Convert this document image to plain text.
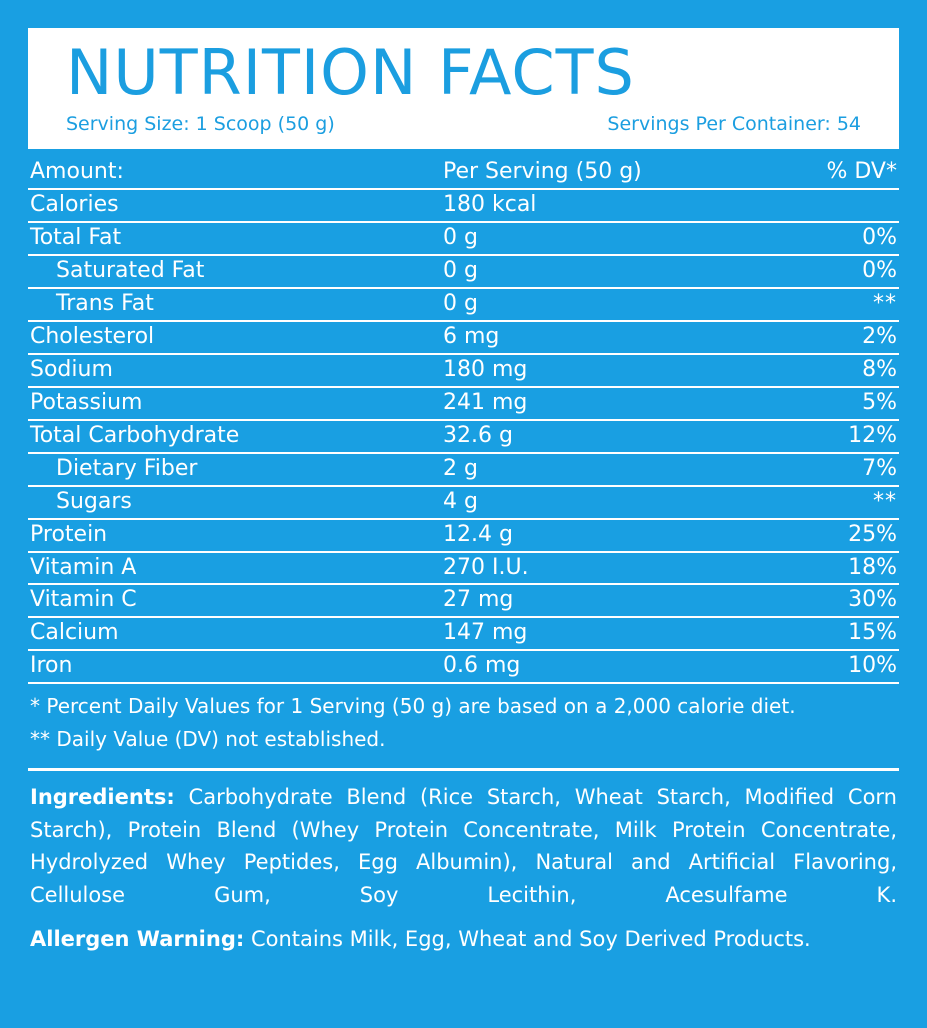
NUTRITION FACTS
Serving Size: 1 Scoop (50 g)	Servings Per Container: 54
Amount:	Per Serving (50 g)	% DV*
Calories	180 kcal
Total Fat	0 g	0%
Saturated Fat	0 g	0%
Trans Fat	0 g	**
Cholesterol	6 mg	2%
Sodium	180 mg	8%
Potassium	241 mg	5%
Total Carbohydrate	32.6 g	12%
Dietary Fiber	2 g	7%
Sugars	4 g	**
Protein	12.4 g	25%
Vitamin A	270 I.U.	18%
Vitamin C	27 mg	30%
Calcium	147 mg	15%
Iron	0.6 mg	10%
* Percent Daily Values for 1 Serving (50 g) are based on a 2,000 calorie diet.
** Daily Value (DV) not established.
Ingredients: Carbohydrate Blend (Rice Starch, Wheat Starch, Modified Corn Starch), Protein Blend (Whey Protein Concentrate, Milk Protein Concentrate, Hydrolyzed Whey Peptides, Egg Albumin), Natural and Artificial Flavoring, Cellulose Gum, Soy Lecithin, Acesulfame K.
Allergen Warning: Contains Milk, Egg, Wheat and Soy Derived Products.
